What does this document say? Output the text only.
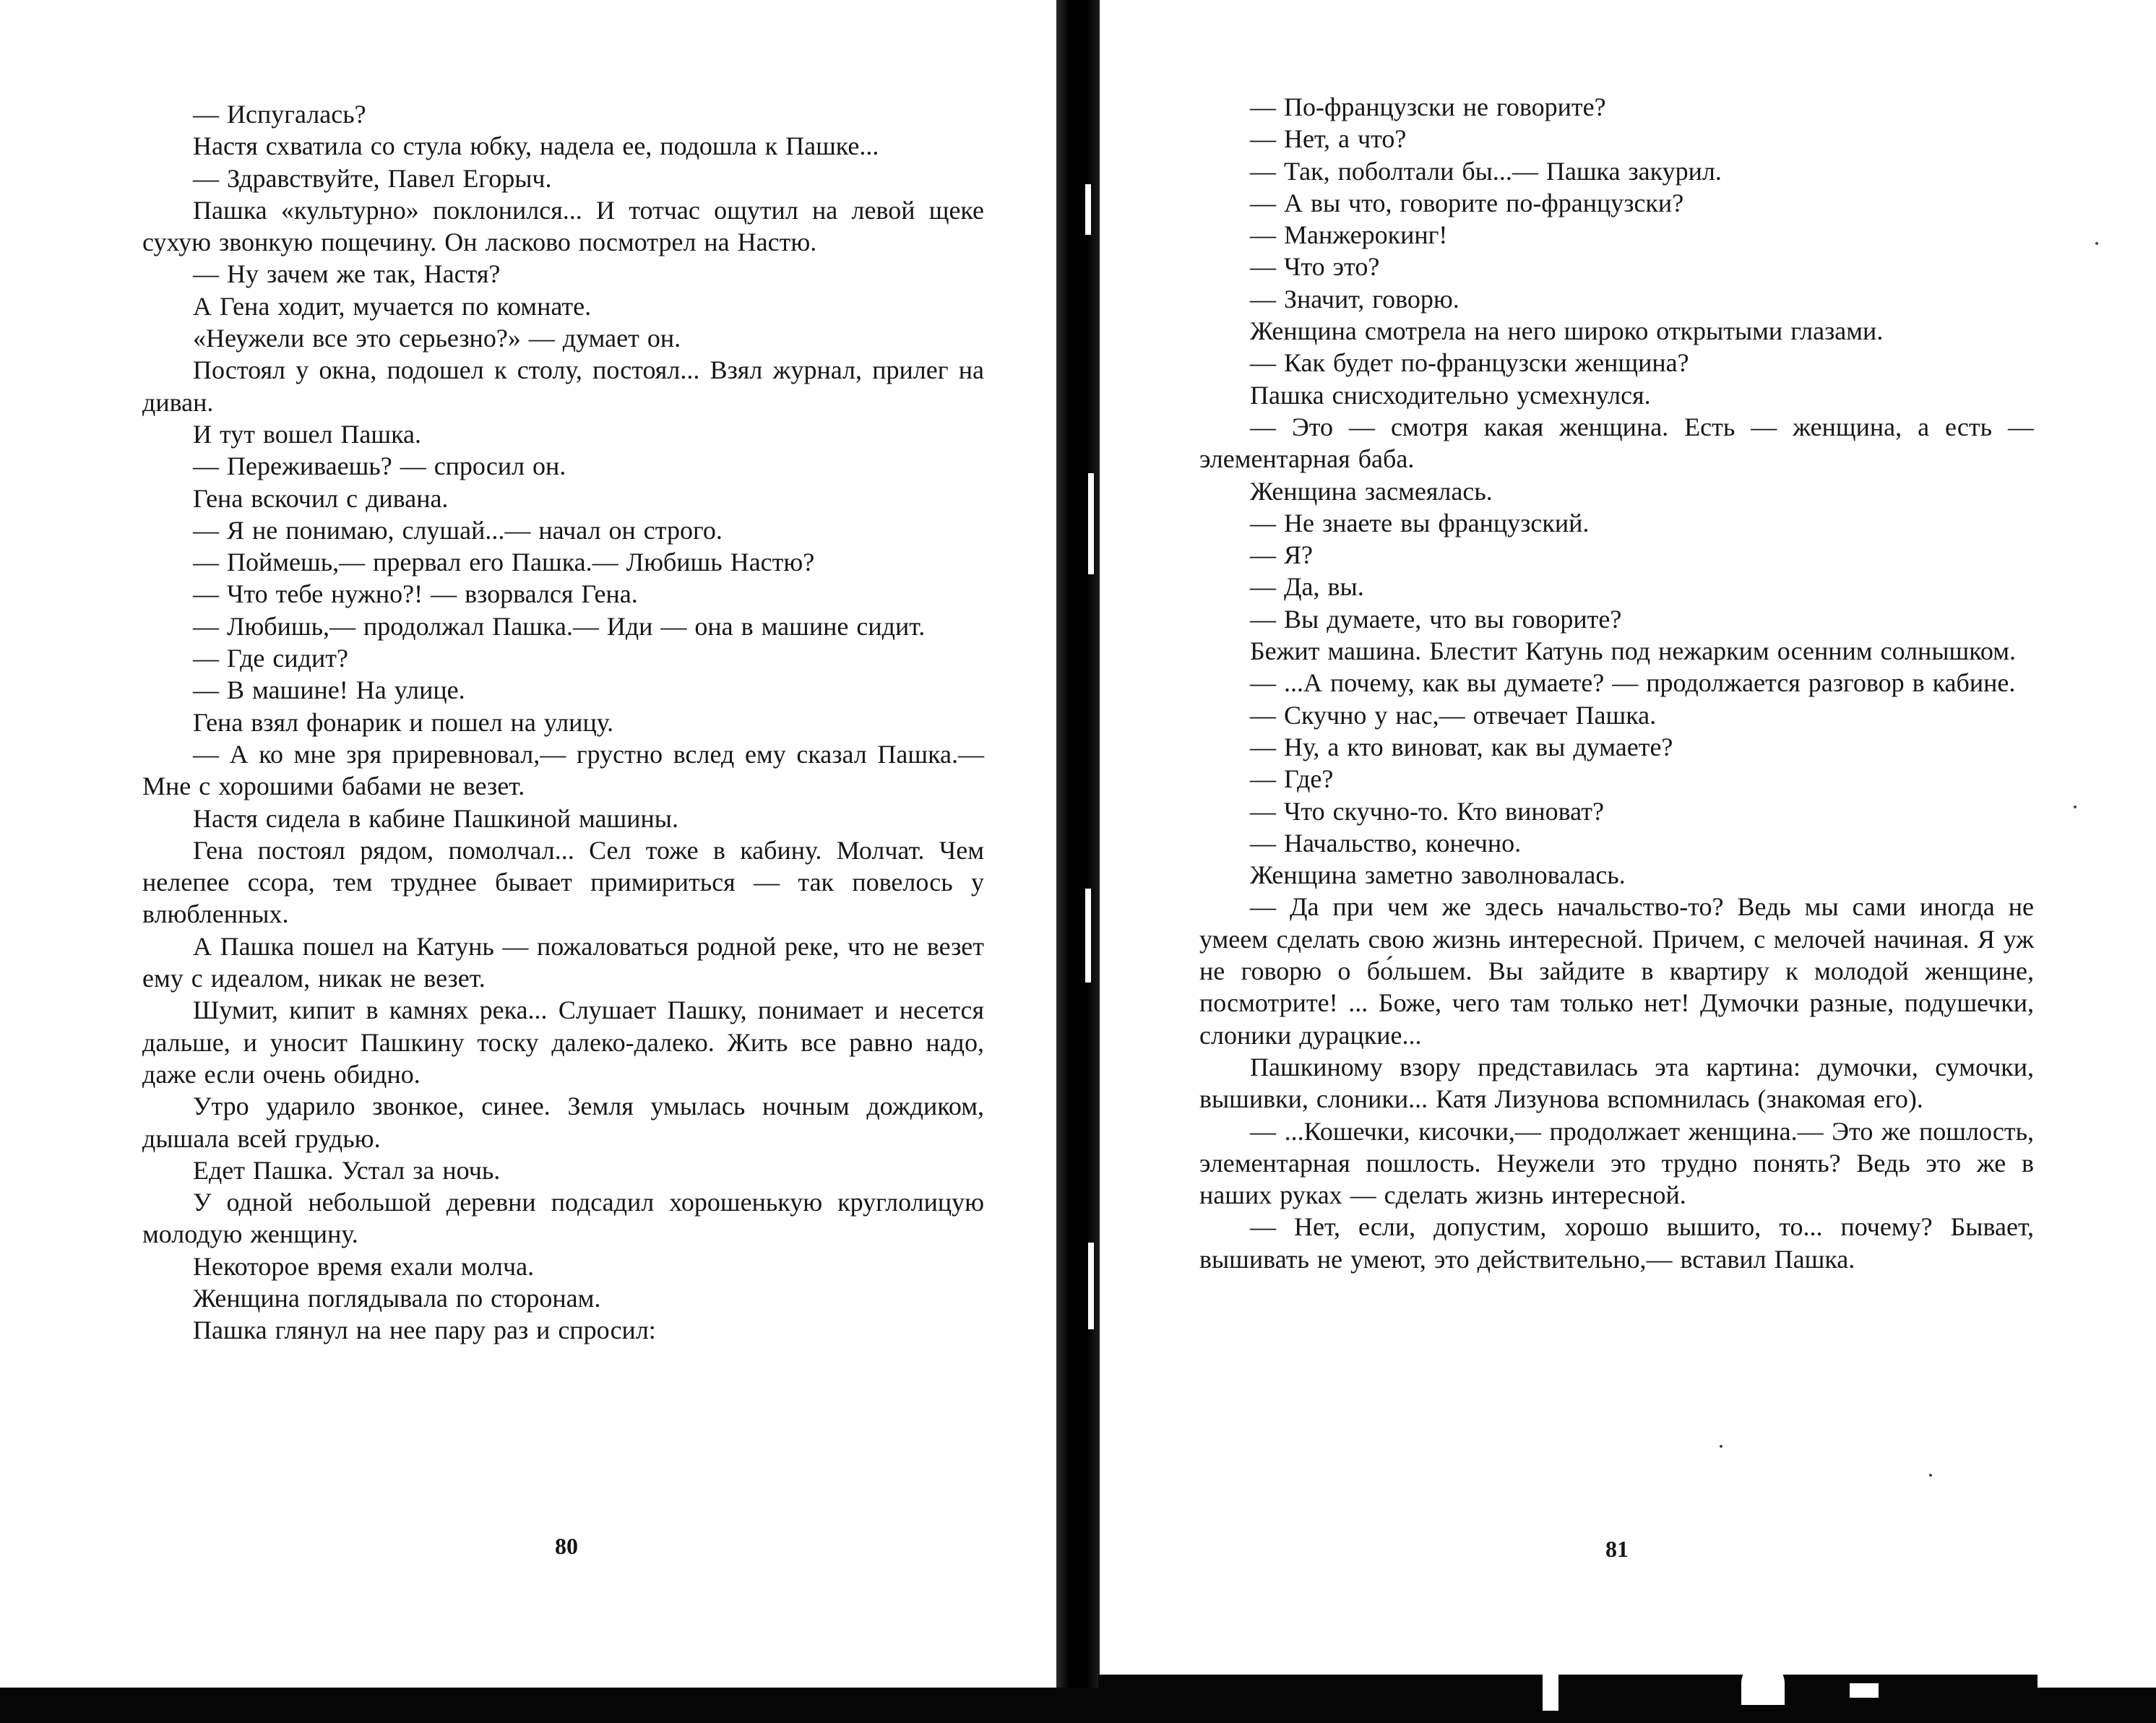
— Испугалась?

Настя схватила со стула юбку, надела ее, подошла к Пашке...

— Здравствуйте, Павел Егорыч.

Пашка «культурно» поклонился... И тотчас ощутил на левой щеке сухую звонкую пощечину. Он ласково посмотрел на Настю.

— Ну зачем же так, Настя?

А Гена ходит, мучается по комнате.

«Неужели все это серьезно?» — думает он.

Постоял у окна, подошел к столу, постоял... Взял журнал, прилег на диван.

И тут вошел Пашка.

— Переживаешь? — спросил он.

Гена вскочил с дивана.

— Я не понимаю, слушай...— начал он строго.

— Поймешь,— прервал его Пашка.— Любишь Настю?

— Что тебе нужно?! — взорвался Гена.

— Любишь,— продолжал Пашка.— Иди — она в машине сидит.

— Где сидит?

— В машине! На улице.

Гена взял фонарик и пошел на улицу.

— А ко мне зря приревновал,— грустно вслед ему сказал Пашка.— Мне с хорошими бабами не везет.

Настя сидела в кабине Пашкиной машины.

Гена постоял рядом, помолчал... Сел тоже в кабину. Молчат. Чем нелепее ссора, тем труднее бывает примириться — так повелось у влюбленных.

А Пашка пошел на Катунь — пожаловаться родной реке, что не везет ему с идеалом, никак не везет.

Шумит, кипит в камнях река... Слушает Пашку, понимает и несется дальше, и уносит Пашкину тоску далеко-далеко. Жить все равно надо, даже если очень обидно.

Утро ударило звонкое, синее. Земля умылась ночным дождиком, дышала всей грудью.

Едет Пашка. Устал за ночь.

У одной небольшой деревни подсадил хорошенькую круглолицую молодую женщину.

Некоторое время ехали молча.

Женщина поглядывала по сторонам.

Пашка глянул на нее пару раз и спросил:

80

— По-французски не говорите?

— Нет, а что?

— Так, поболтали бы...— Пашка закурил.

— А вы что, говорите по-французски?

— Манжерокинг!

— Что это?

— Значит, говорю.

Женщина смотрела на него широко открытыми глазами.

— Как будет по-французски женщина?

Пашка снисходительно усмехнулся.

— Это — смотря какая женщина. Есть — женщина, а есть — элементарная баба.

Женщина засмеялась.

— Не знаете вы французский.

— Я?

— Да, вы.

— Вы думаете, что вы говорите?

Бежит машина. Блестит Катунь под нежарким осенним солнышком.

— ...А почему, как вы думаете? — продолжается разговор в кабине.

— Скучно у нас,— отвечает Пашка.

— Ну, а кто виноват, как вы думаете?

— Где?

— Что скучно-то. Кто виноват?

— Начальство, конечно.

Женщина заметно заволновалась.

— Да при чем же здесь начальство-то? Ведь мы сами иногда не умеем сделать свою жизнь интересной. Причем, с мелочей начиная. Я уж не говорю о бо́льшем. Вы зайдите в квартиру к молодой женщине, посмотрите! ... Боже, чего там только нет! Думочки разные, подушечки, слоники дурацкие...

Пашкиному взору представилась эта картина: думочки, сумочки, вышивки, слоники... Катя Лизунова вспомнилась (знакомая его).

— ...Кошечки, кисочки,— продолжает женщина.— Это же пошлость, элементарная пошлость. Неужели это трудно понять? Ведь это же в наших руках — сделать жизнь интересной.

— Нет, если, допустим, хорошо вышито, то... почему? Бывает, вышивать не умеют, это действительно,— вставил Пашка.

81
